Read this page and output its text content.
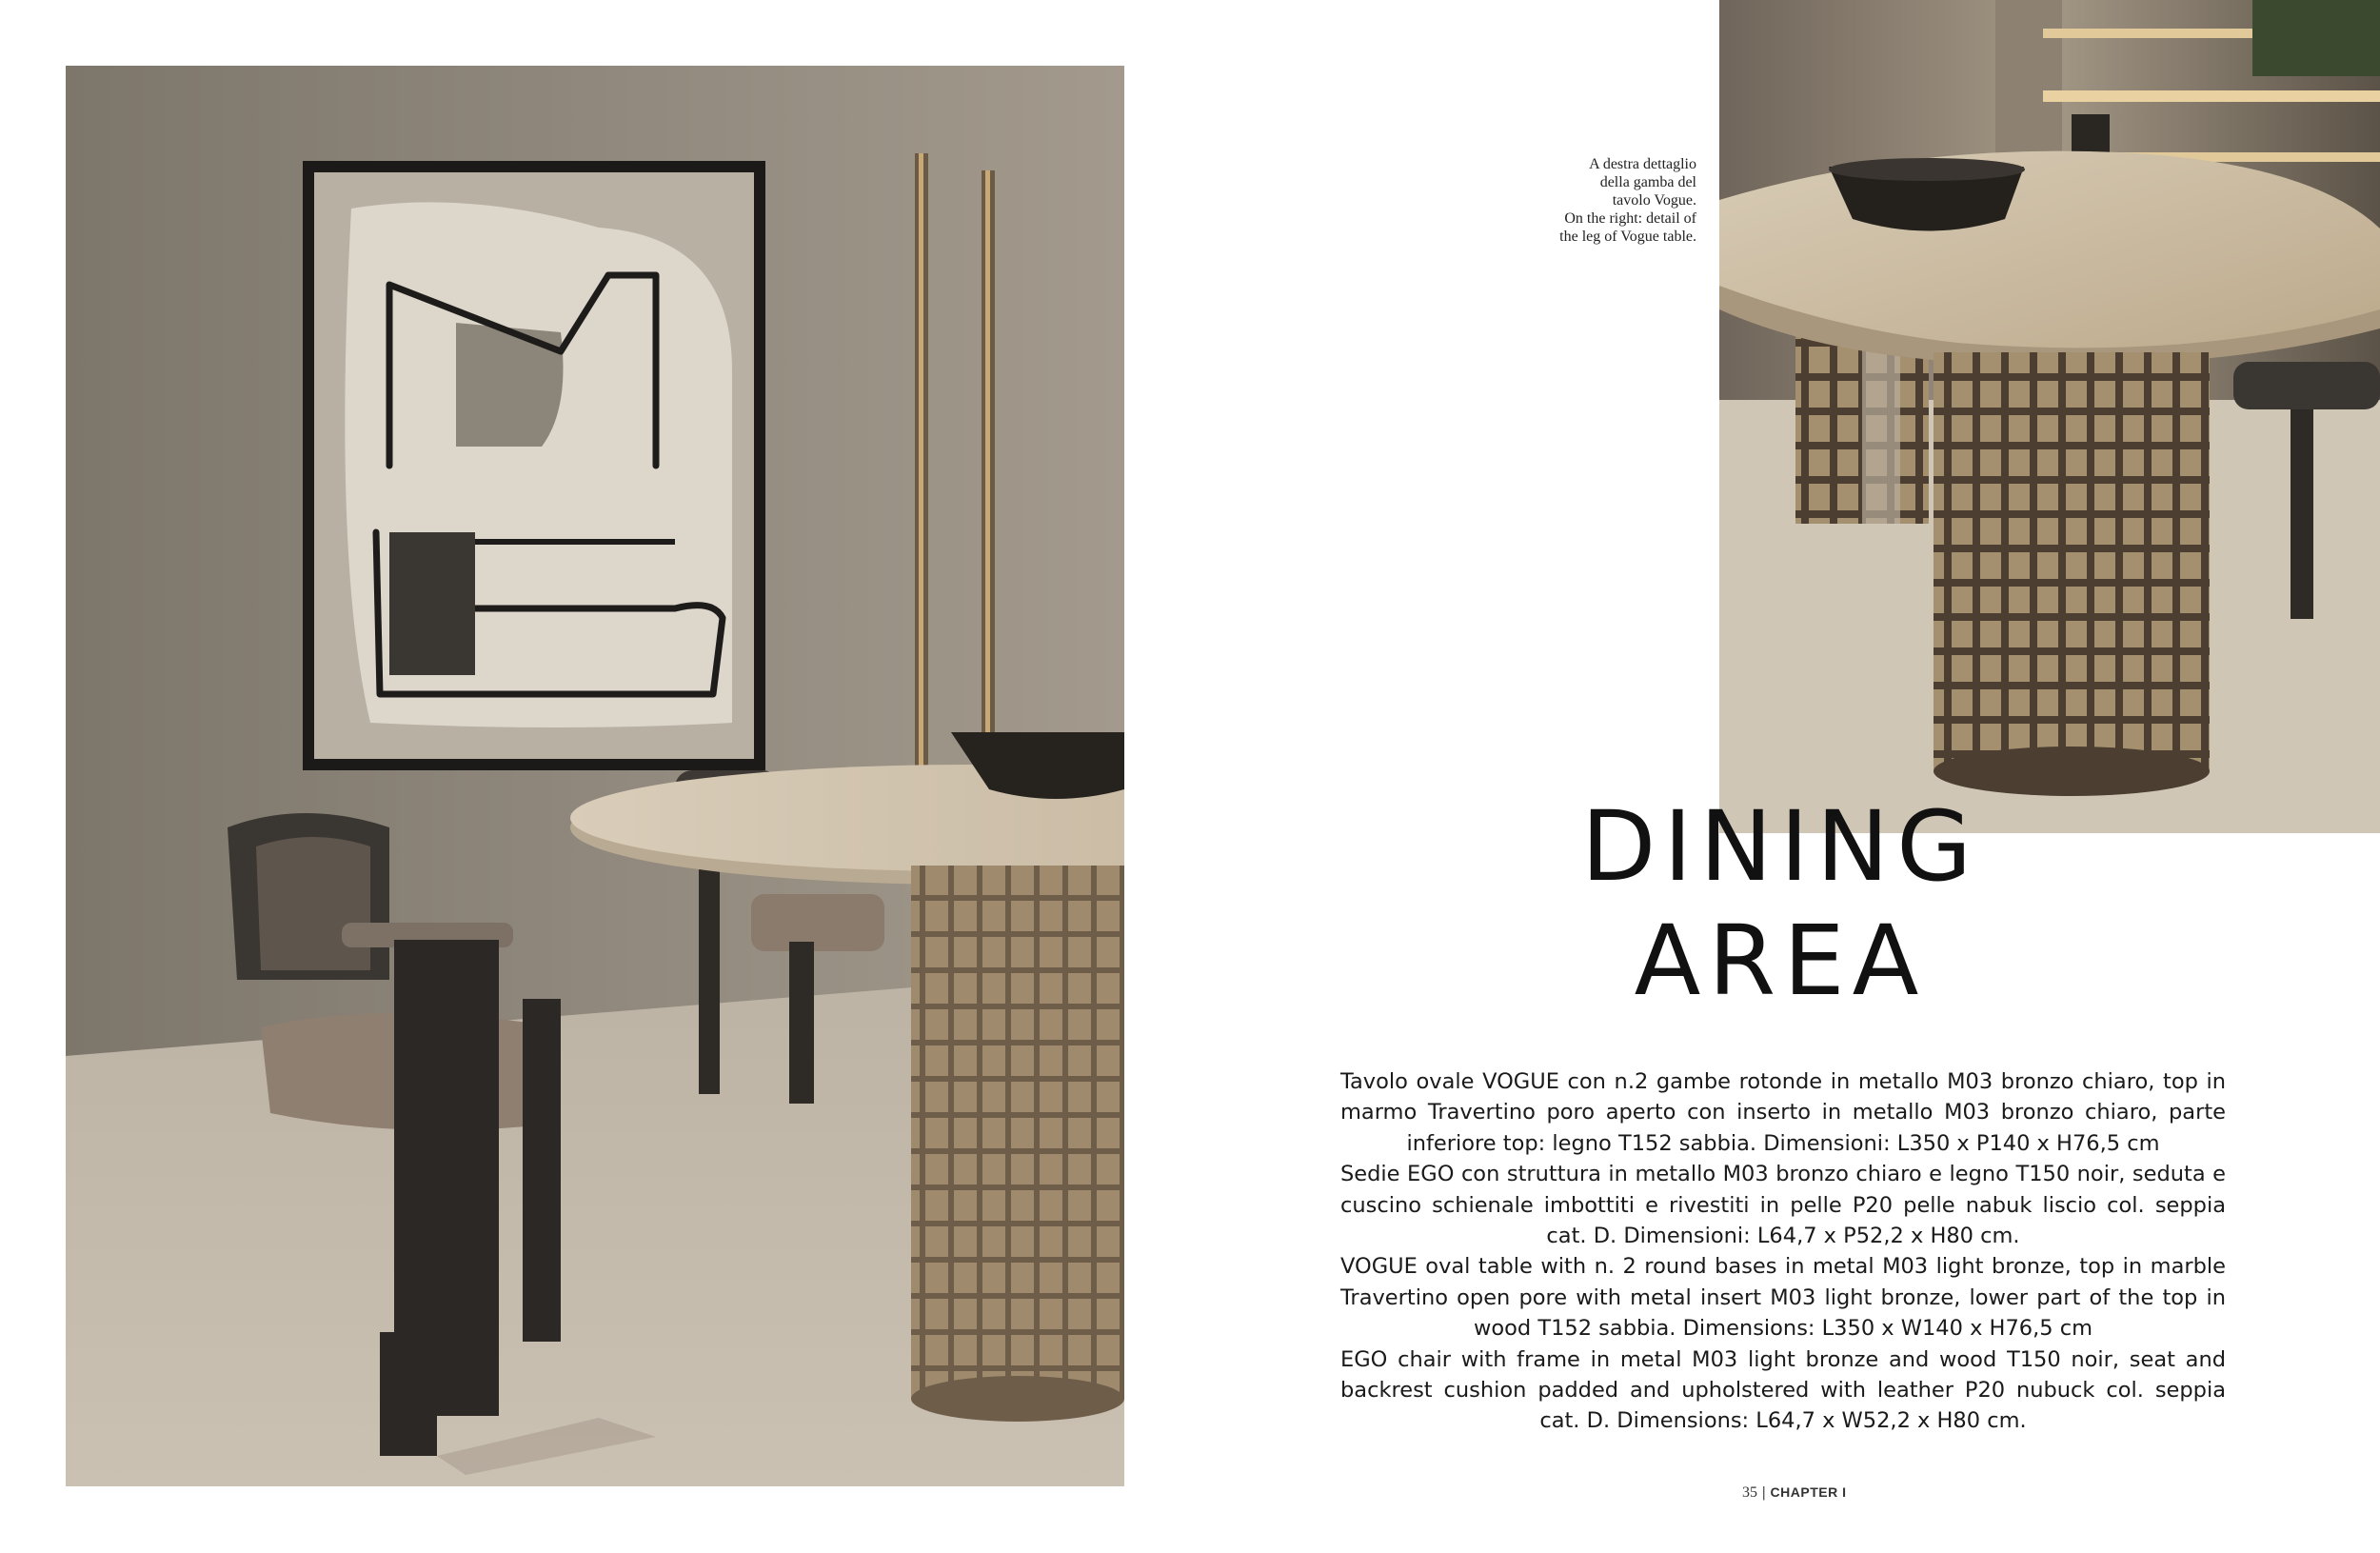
A destra dettaglio
della gamba del
tavolo Vogue.
On the right: detail of
the leg of Vogue table.

DINING
AREA
Tavolo ovale VOGUE con n.2 gambe rotonde in metallo M03 bronzo chiaro, top in marmo Travertino poro aperto con inserto in metallo M03 bronzo chiaro, parte inferiore top: legno T152 sabbia. Dimensioni: L350 x P140 x H76,5 cm
Sedie EGO con struttura in metallo M03 bronzo chiaro e legno T150 noir, seduta e cuscino schienale imbottiti e rivestiti in pelle P20 pelle nabuk liscio col. seppia cat. D. Dimensioni: L64,7 x P52,2 x H80 cm.
VOGUE oval table with n. 2 round bases in metal M03 light bronze, top in marble Travertino open pore with metal insert M03 light bronze, lower part of the top in wood T152 sabbia. Dimensions: L350 x W140 x H76,5 cm
EGO chair with frame in metal M03 light bronze and wood T150 noir, seat and backrest cushion padded and upholstered with leather P20 nubuck col. seppia cat. D. Dimensions: L64,7 x W52,2 x H80 cm.
35 | CHAPTER I
